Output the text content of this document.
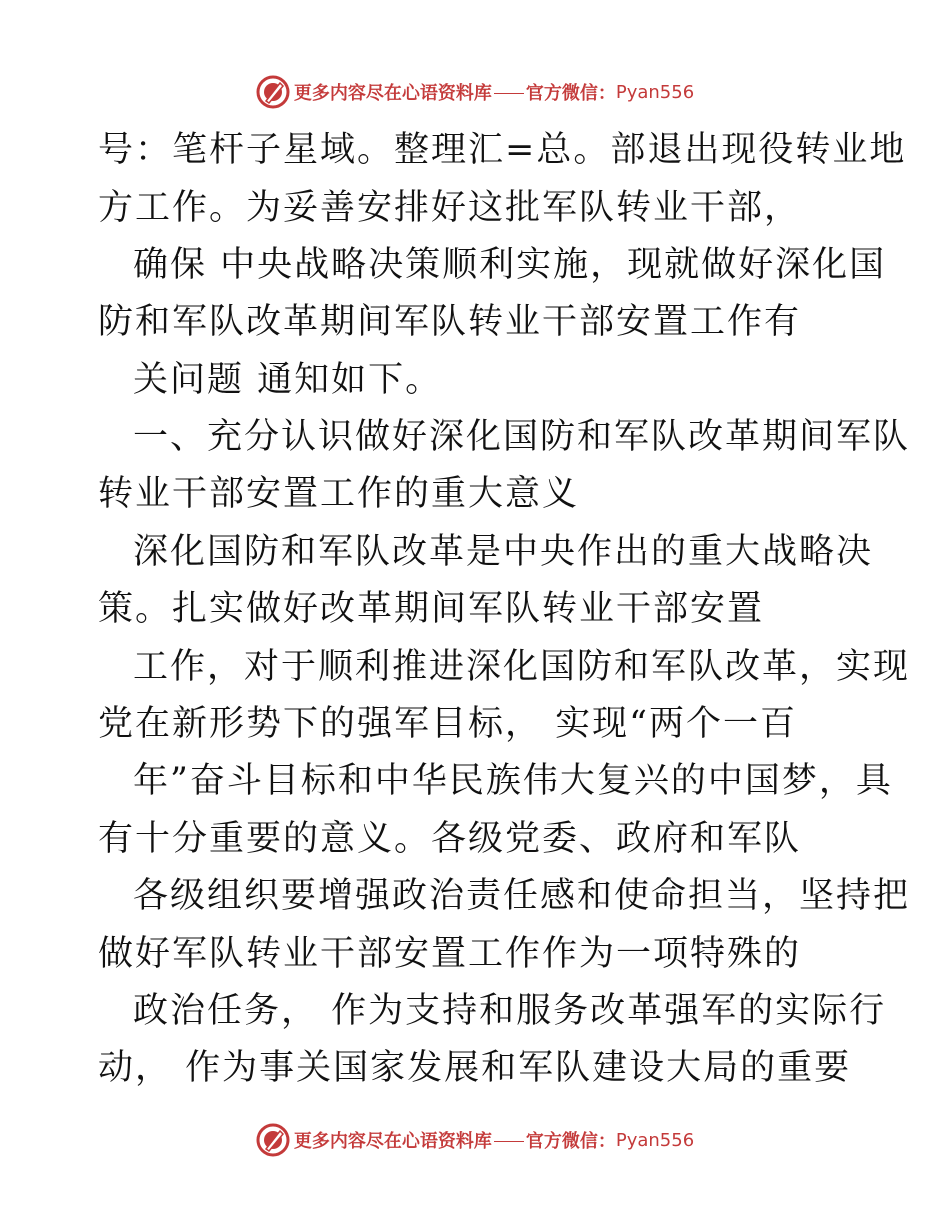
更多内容尽在心语资料库 官方微信： Pyan556
号：笔杆子星域。整理汇=总。部退出现役转业地
方工作。为妥善安排好这批军队转业干部，
确保 中央战略决策顺利实施，现就做好深化国
防和军队改革期间军队转业干部安置工作有
关问题 通知如下。
一、充分认识做好深化国防和军队改革期间军队
转业干部安置工作的重大意义
深化国防和军队改革是中央作出的重大战略决
策。扎实做好改革期间军队转业干部安置
工作，对于顺利推进深化国防和军队改革，实现
党在新形势下的强军目标， 实现“两个一百
年”奋斗目标和中华民族伟大复兴的中国梦，具
有十分重要的意义。各级党委、政府和军队
各级组织要增强政治责任感和使命担当，坚持把
做好军队转业干部安置工作作为一项特殊的
政治任务， 作为支持和服务改革强军的实际行
动， 作为事关国家发展和军队建设大局的重要
更多内容尽在心语资料库 官方微信： Pyan556
